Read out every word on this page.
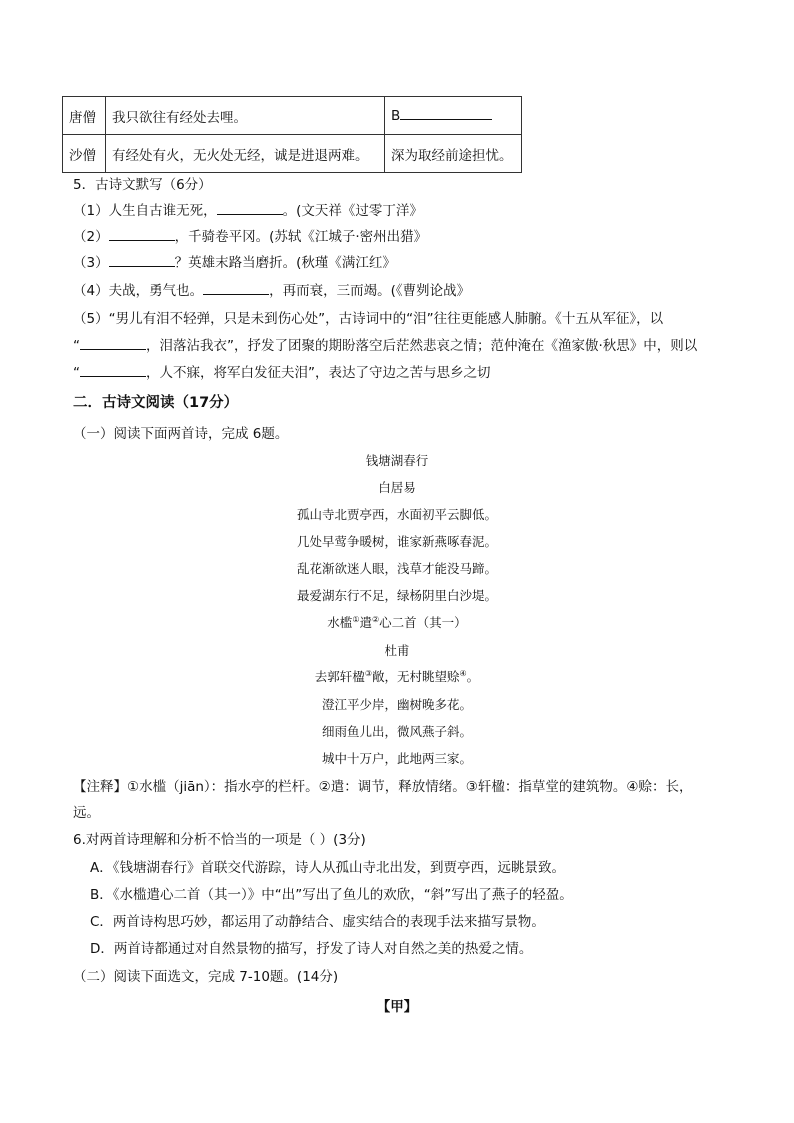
唐僧	我只欲往有经处去哩。	B
沙僧	有经处有火，无火处无经，诚是进退两难。	深为取经前途担忧。
5．古诗文默写（6分）
（1）人生自古谁无死，	。(文天祥《过零丁洋》
（2）	，千骑卷平冈。(苏轼《江城子·密州出猎》
（3）	？英雄末路当磨折。(秋瑾《满江红》
（4）夫战，勇气也。	，再而衰，三而竭。(《曹刿论战》
（5）“男儿有泪不轻弹，只是未到伤心处”，古诗词中的“泪”往往更能感人肺腑。《十五从军征》，以
“	，泪落沾我衣”，抒发了团聚的期盼落空后茫然悲哀之情；范仲淹在《渔家傲·秋思》中，则以
“	，人不寐，将军白发征夫泪”，表达了守边之苦与思乡之切
二．古诗文阅读（17分）
（一）阅读下面两首诗，完成 6题。
钱塘湖春行
白居易
孤山寺北贾亭西，水面初平云脚低。
几处早莺争暖树，谁家新燕啄春泥。
乱花渐欲迷人眼，浅草才能没马蹄。
最爱湖东行不足，绿杨阴里白沙堤。
水槛①遣②心二首（其一）
杜甫
去郭轩楹③敞，无村眺望赊④。
澄江平少岸，幽树晚多花。
细雨鱼儿出，微风燕子斜。
城中十万户，此地两三家。
【注释】①水槛（jiān）：指水亭的栏杆。②遣：调节，释放情绪。③轩楹：指草堂的建筑物。④赊：长，
远。
6.对两首诗理解和分析不恰当的一项是（ ）(3分)
A．《钱塘湖春行》首联交代游踪，诗人从孤山寺北出发，到贾亭西，远眺景致。
B．《水槛遣心二首（其一）》中“出”写出了鱼儿的欢欣，“斜”写出了燕子的轻盈。
C．两首诗构思巧妙，都运用了动静结合、虚实结合的表现手法来描写景物。
D．两首诗都通过对自然景物的描写，抒发了诗人对自然之美的热爱之情。
（二）阅读下面选文，完成 7-10题。(14分)
【甲】
